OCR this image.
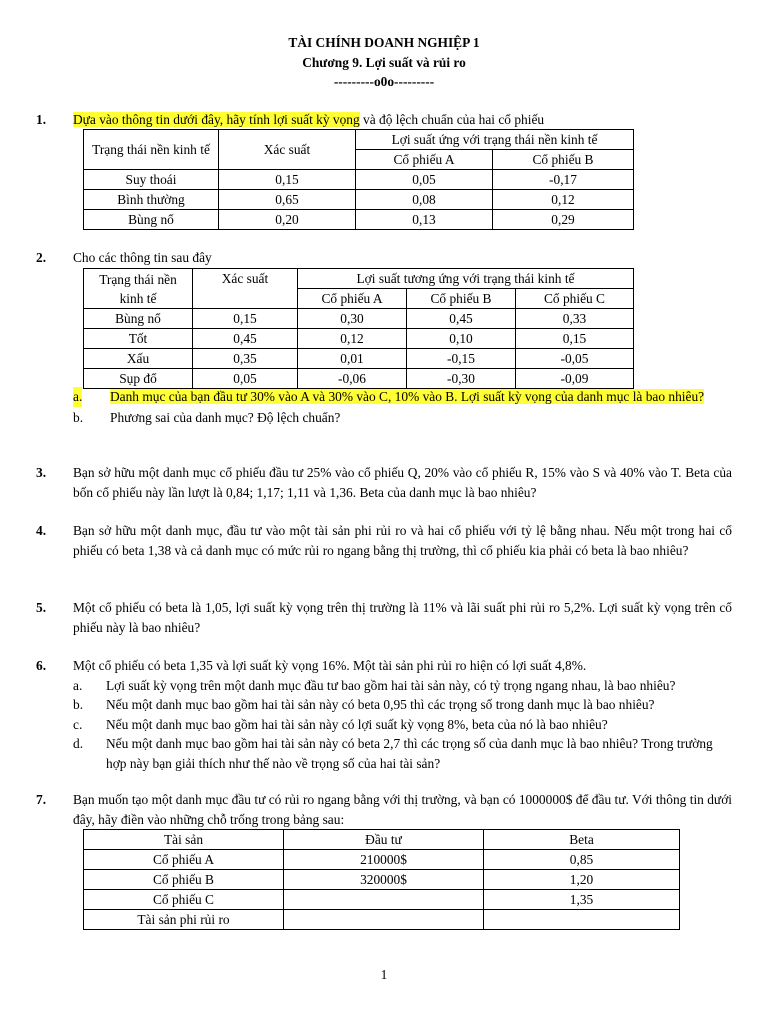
TÀI CHÍNH DOANH NGHIỆP 1
Chương 9. Lợi suất và rủi ro
---------o0o---------
1. Dựa vào thông tin dưới đây, hãy tính lợi suất kỳ vọng và độ lệch chuẩn của hai cổ phiếu
Trạng thái nền kinh tế	Xác suất	Lợi suất ứng với trạng thái nền kinh tế	
		Cổ phiếu A	Cổ phiếu B
Suy thoái	0,15	0,05	-0,17
Bình thường	0,65	0,08	0,12
Bùng nổ	0,20	0,13	0,29
2. Cho các thông tin sau đây
Trạng thái nền kinh tế	Xác suất	Lợi suất tương ứng với trạng thái kinh tế		
		Cổ phiếu A	Cổ phiếu B	Cổ phiếu C
Bùng nổ	0,15	0,30	0,45	0,33
Tốt	0,45	0,12	0,10	0,15
Xấu	0,35	0,01	-0,15	-0,05
Sụp đổ	0,05	-0,06	-0,30	-0,09
a. Danh mục của bạn đầu tư 30% vào A và 30% vào C, 10% vào B. Lợi suất kỳ vọng của danh mục là bao nhiêu?
b. Phương sai của danh mục? Độ lệch chuẩn?
3. Bạn sở hữu một danh mục cổ phiếu đầu tư 25% vào cổ phiếu Q, 20% vào cổ phiếu R, 15% vào S và 40% vào T. Beta của bốn cổ phiếu này lần lượt là 0,84; 1,17; 1,11 và 1,36. Beta của danh mục là bao nhiêu?
4. Bạn sở hữu một danh mục, đầu tư vào một tài sản phi rủi ro và hai cổ phiếu với tỷ lệ bằng nhau. Nếu một trong hai cổ phiếu có beta 1,38 và cả danh mục có mức rủi ro ngang bằng thị trường, thì cổ phiếu kia phải có beta là bao nhiêu?
5. Một cổ phiếu có beta là 1,05, lợi suất kỳ vọng trên thị trường là 11% và lãi suất phi rủi ro 5,2%. Lợi suất kỳ vọng trên cổ phiếu này là bao nhiêu?
6. Một cổ phiếu có beta 1,35 và lợi suất kỳ vọng 16%. Một tài sản phi rủi ro hiện có lợi suất 4,8%.
a. Lợi suất kỳ vọng trên một danh mục đầu tư bao gồm hai tài sản này, có tỷ trọng ngang nhau, là bao nhiêu?
b. Nếu một danh mục bao gồm hai tài sản này có beta 0,95 thì các trọng số trong danh mục là bao nhiêu?
c. Nếu một danh mục bao gồm hai tài sản này có lợi suất kỳ vọng 8%, beta của nó là bao nhiêu?
d. Nếu một danh mục bao gồm hai tài sản này có beta 2,7 thì các trọng số của danh mục là bao nhiêu? Trong trường hợp này bạn giải thích như thế nào về trọng số của hai tài sản?
7. Bạn muốn tạo một danh mục đầu tư có rủi ro ngang bằng với thị trường, và bạn có 1000000$ để đầu tư. Với thông tin dưới đây, hãy điền vào những chỗ trống trong bảng sau:
Tài sản	Đầu tư	Beta
Cổ phiếu A	210000$	0,85
Cổ phiếu B	320000$	1,20
Cổ phiếu C		1,35
Tài sản phi rủi ro		
1
